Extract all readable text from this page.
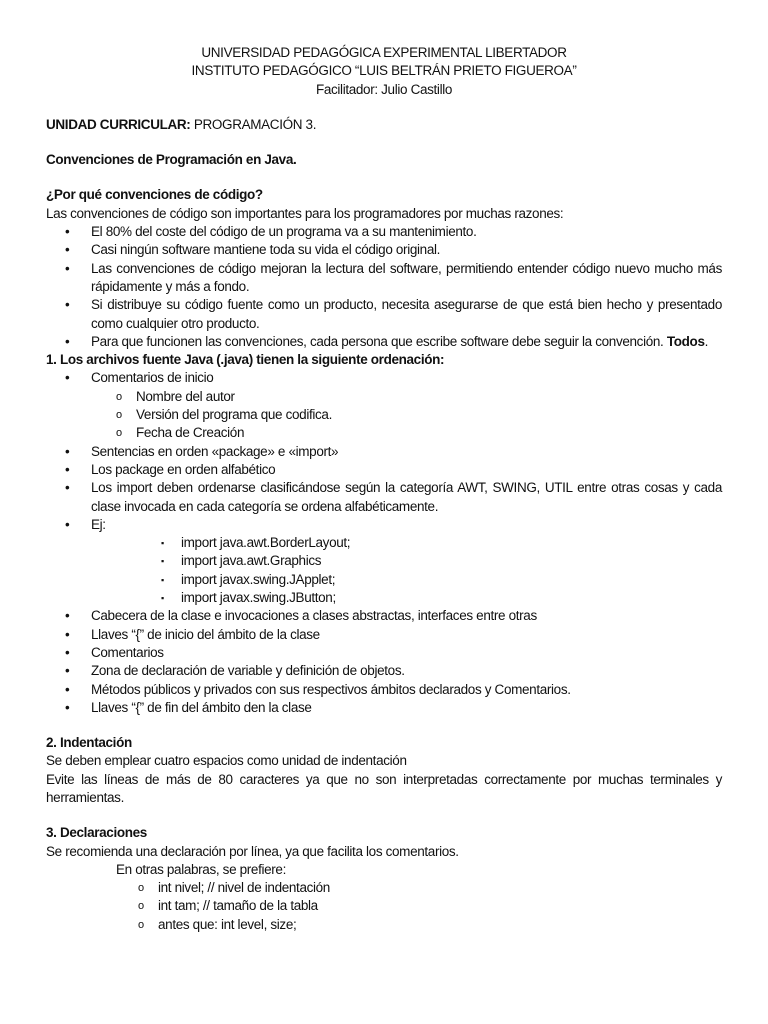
UNIVERSIDAD PEDAGÓGICA EXPERIMENTAL LIBERTADOR

INSTITUTO PEDAGÓGICO “LUIS BELTRÁN PRIETO FIGUEROA”

Facilitador: Julio Castillo

UNIDAD CURRICULAR: PROGRAMACIÓN 3.

Convenciones de Programación en Java.

¿Por qué convenciones de código?

Las convenciones de código son importantes para los programadores por muchas razones:

• El 80% del coste del código de un programa va a su mantenimiento.
• Casi ningún software mantiene toda su vida el código original.
• Las convenciones de código mejoran la lectura del software, permitiendo entender código nuevo mucho más rápidamente y más a fondo.
• Si distribuye su código fuente como un producto, necesita asegurarse de que está bien hecho y presentado como cualquier otro producto.
• Para que funcionen las convenciones, cada persona que escribe software debe seguir la convención. Todos.

1. Los archivos fuente Java (.java) tienen la siguiente ordenación:

• Comentarios de inicio
o Nombre del autor
o Versión del programa que codifica.
o Fecha de Creación
• Sentencias en orden «package» e «import»
• Los package en orden alfabético
• Los import deben ordenarse clasificándose según la categoría AWT, SWING, UTIL entre otras cosas y cada clase invocada en cada categoría se ordena alfabéticamente.
• Ej:
▪ import java.awt.BorderLayout;
▪ import java.awt.Graphics
▪ import javax.swing.JApplet;
▪ import javax.swing.JButton;
• Cabecera de la clase e invocaciones a clases abstractas, interfaces entre otras
• Llaves “{” de inicio del ámbito de la clase
• Comentarios
• Zona de declaración de variable y definición de objetos.
• Métodos públicos y privados con sus respectivos ámbitos declarados y Comentarios.
• Llaves “{” de fin del ámbito den la clase

2. Indentación

Se deben emplear cuatro espacios como unidad de indentación

Evite las líneas de más de 80 caracteres ya que no son interpretadas correctamente por muchas terminales y herramientas.

3. Declaraciones

Se recomienda una declaración por línea, ya que facilita los comentarios.

En otras palabras, se prefiere:

o int nivel; // nivel de indentación
o int tam; // tamaño de la tabla
o antes que: int level, size;
